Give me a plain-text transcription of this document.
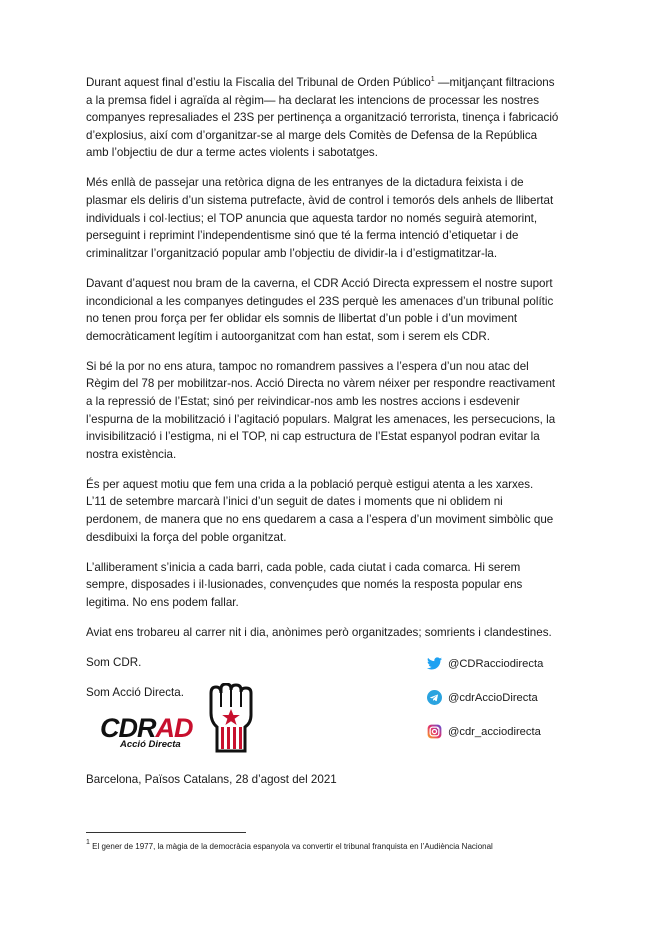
Durant aquest final d’estiu la Fiscalia del Tribunal de Orden Público$^1$ —mitjançant filtracions
a la premsa fidel i agraïda al règim— ha declarat les intencions de processar les nostres
companyes represaliades el 23S per pertinença a organització terrorista, tinença i fabricació
d’explosius, així com d’organitzar-se al marge dels Comitès de Defensa de la República
amb l’objectiu de dur a terme actes violents i sabotatges.

Més enllà de passejar una retòrica digna de les entranyes de la dictadura feixista i de
plasmar els deliris d’un sistema putrefacte, àvid de control i temorós dels anhels de llibertat
individuals i col·lectius; el TOP anuncia que aquesta tardor no només seguirà atemorint,
perseguint i reprimint l’independentisme sinó que té la ferma intenció d’etiquetar i de
criminalitzar l’organització popular amb l’objectiu de dividir-la i d’estigmatitzar-la.

Davant d’aquest nou bram de la caverna, el CDR Acció Directa expressem el nostre suport
incondicional a les companyes detingudes el 23S perquè les amenaces d’un tribunal polític
no tenen prou força per fer oblidar els somnis de llibertat d’un poble i d’un moviment
democràticament legítim i autoorganitzat com han estat, som i serem els CDR.

Si bé la por no ens atura, tampoc no romandrem passives a l’espera d’un nou atac del
Règim del 78 per mobilitzar-nos. Acció Directa no vàrem néixer per respondre reactivament
a la repressió de l’Estat; sinó per reivindicar-nos amb les nostres accions i esdevenir
l’espurna de la mobilització i l’agitació populars. Malgrat les amenaces, les persecucions, la
invisibilització i l’estigma, ni el TOP, ni cap estructura de l’Estat espanyol podran evitar la
nostra existència.

És per aquest motiu que fem una crida a la població perquè estigui atenta a les xarxes.
L’11 de setembre marcarà l’inici d’un seguit de dates i moments que ni oblidem ni
perdonem, de manera que no ens quedarem a casa a l’espera d’un moviment simbòlic que
desdibuixi la força del poble organitzat.

L’alliberament s’inicia a cada barri, cada poble, cada ciutat i cada comarca. Hi serem
sempre, disposades i il·lusionades, convençudes que només la resposta popular ens
legitima. No ens podem fallar.

Aviat ens trobareu al carrer nit i dia, anònimes però organitzades; somrients i clandestines.

Som CDR.

Som Acció Directa.

@CDRacciodirecta
@cdrAccioDirecta
@cdr_acciodirecta
CDRAD
Acció Directa
Barcelona, Països Catalans, 28 d’agost del 2021
$^1$ El gener de 1977, la màgia de la democràcia espanyola va convertir el tribunal franquista en l’Audiència Nacional
